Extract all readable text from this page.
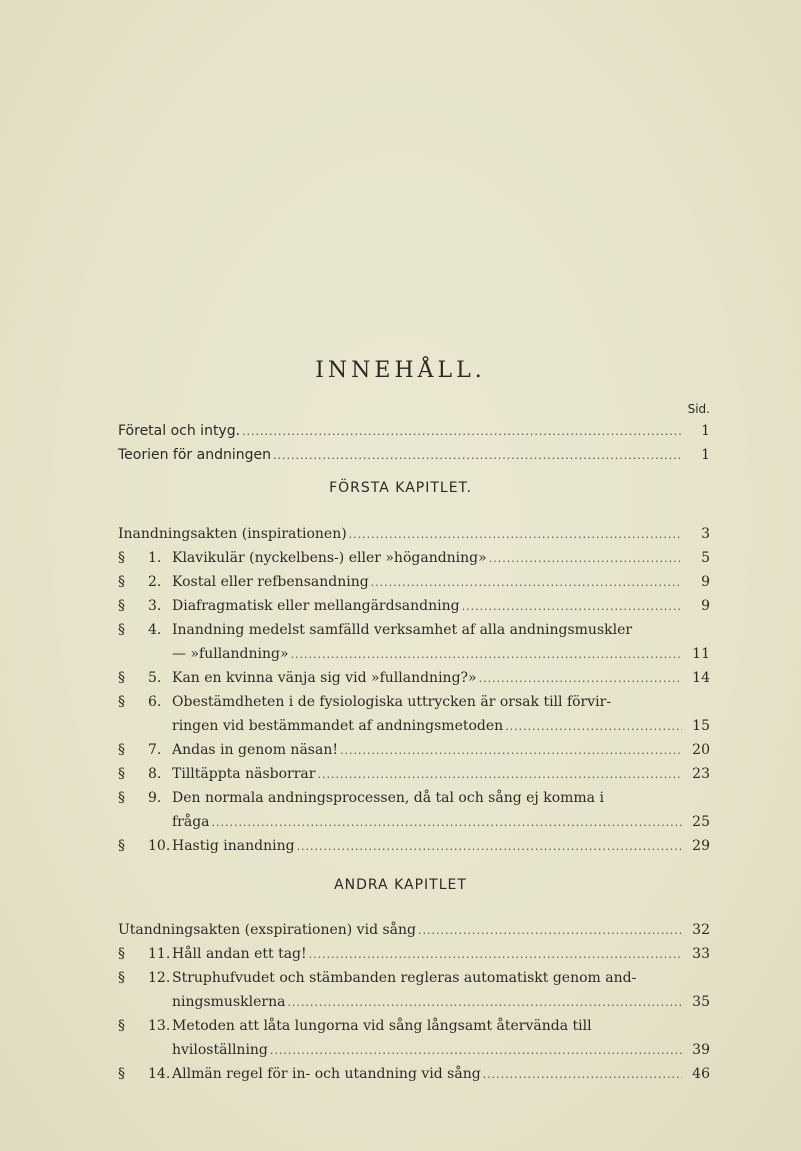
INNEHÅLL.
Sid.
Företal och intyg. .....	1
Teorien för andningen .....	1
FÖRSTA KAPITLET.
Inandningsakten (inspirationen) .....	3
§	1. Klavikulär (nyckelbens-) eller »högandning» .....	5
§	2. Kostal eller refbensandning .....	9
§	3. Diafragmatisk eller mellangärdsandning .....	9
§	4. Inandning medelst samfälld verksamhet af alla andningsmuskler
— »fullandning» .....	11
§	5. Kan en kvinna vänja sig vid »fullandning?» .....	14
§	6. Obestämdheten i de fysiologiska uttrycken är orsak till förvir-
ringen vid bestämmandet af andningsmetoden .....	15
§	7. Andas in genom näsan! .....	20
§	8. Tilltäppta näsborrar .....	23
§	9. Den normala andningsprocessen, då tal och sång ej komma i
fråga .....	25
§	10. Hastig inandning .....	29
ANDRA KAPITLET
Utandningsakten (exspirationen) vid sång .....	32
§	11. Håll andan ett tag! .....	33
§	12. Struphufvudet och stämbanden regleras automatiskt genom and-
ningsmusklerna .....	35
§	13. Metoden att låta lungorna vid sång långsamt återvända till
hviloställning .....	39
§	14. Allmän regel för in- och utandning vid sång .....	46
